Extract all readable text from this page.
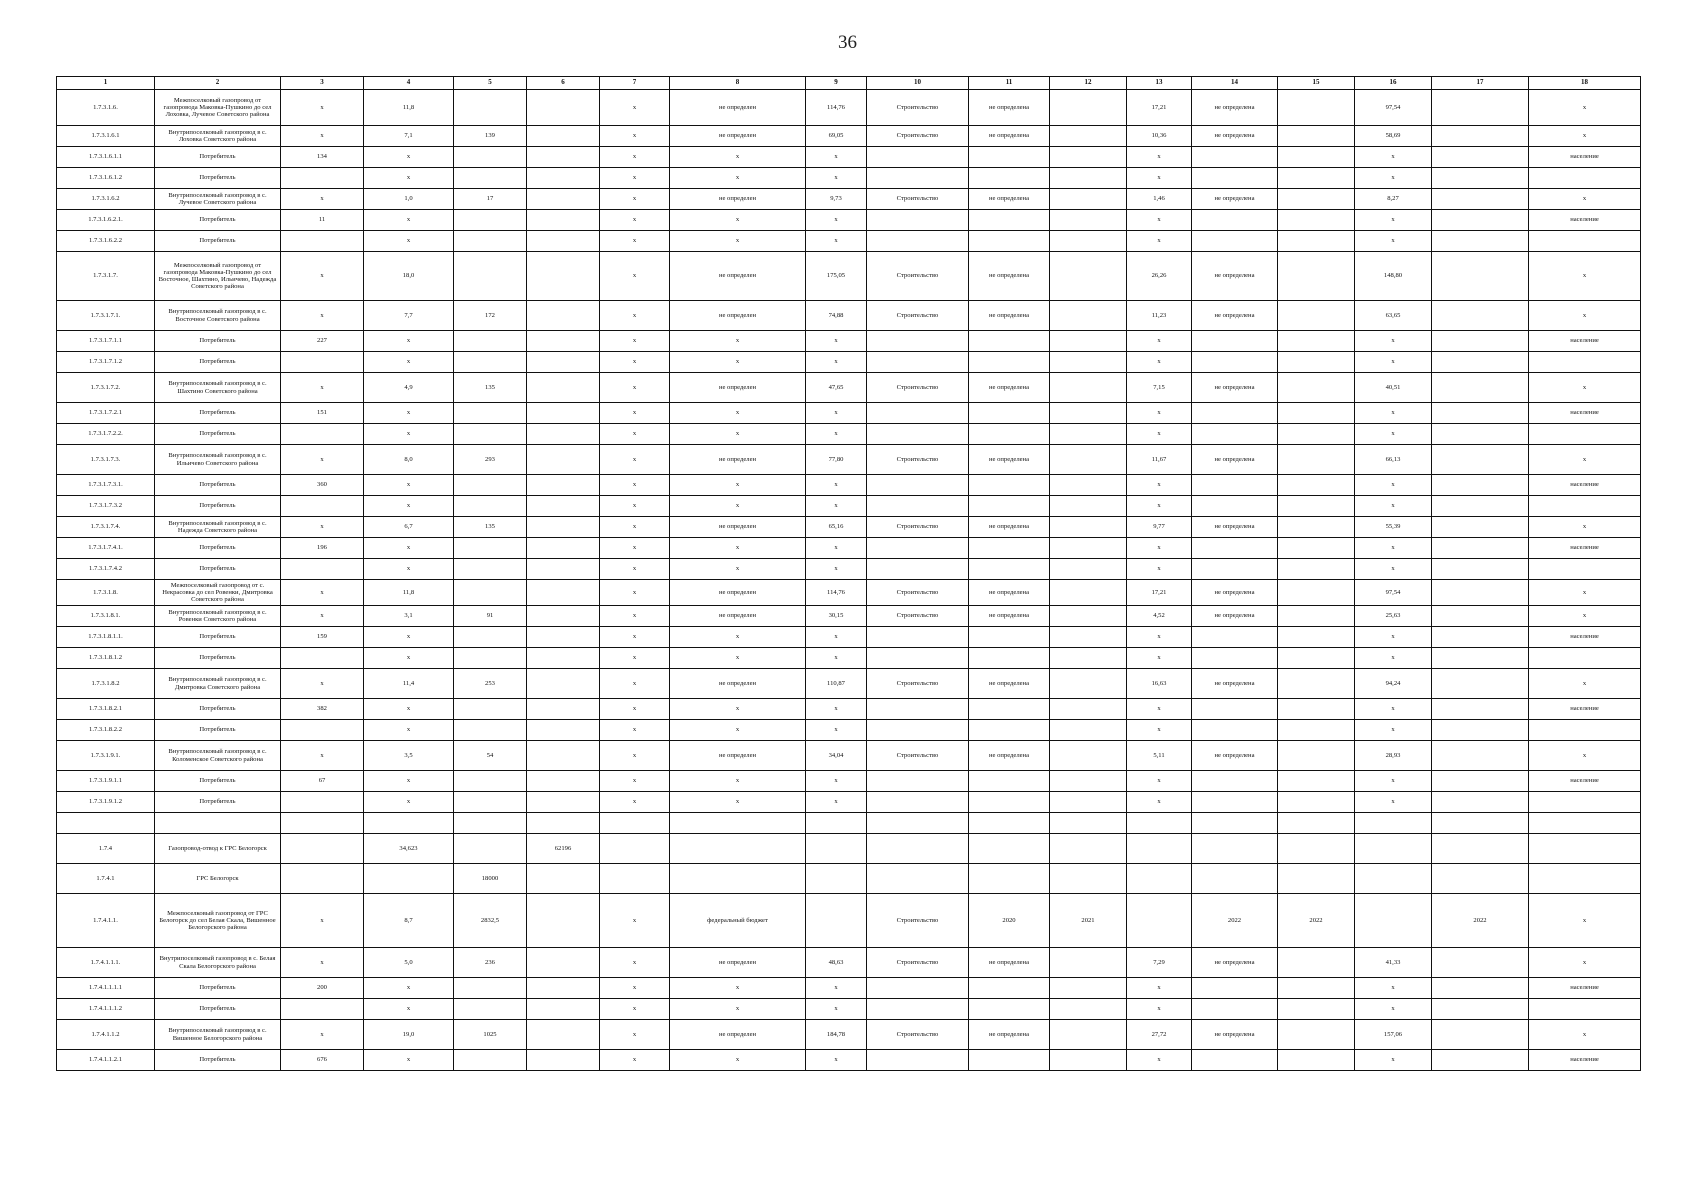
36
1	2	3	4	5	6	7	8	9	10	11	12	13	14	15	16	17	18
1.7.3.1.6.	Межпоселковый газопровод от газопровода Маковка-Пушкино до сел Лоховка, Лучевое Советского района	x	11,8			x	не определен	114,76	Строительство	не определена		17,21	не определена		97,54		x
1.7.3.1.6.1	Внутрипоселковый газопровод в с. Лоховка Советского района	x	7,1	139		x	не определен	69,05	Строительство	не определена		10,36	не определена		58,69		x
1.7.3.1.6.1.1	Потребитель	134	x			x	x	x				x			x		население
1.7.3.1.6.1.2	Потребитель		x			x	x	x				x			x		
1.7.3.1.6.2	Внутрипоселковый газопровод в с. Лучевое Советского района	x	1,0	17		x	не определен	9,73	Строительство	не определена		1,46	не определена		8,27		x
1.7.3.1.6.2.1.	Потребитель	11	x			x	x	x				x			x		население
1.7.3.1.6.2.2	Потребитель		x			x	x	x				x			x		
1.7.3.1.7.	Межпоселковый газопровод от газопровода Маковка-Пушкино до сел Восточное, Шахтино, Ильичево, Надежда Советского района	x	18,0			x	не определен	175,05	Строительство	не определена		26,26	не определена		148,80		x
1.7.3.1.7.1.	Внутрипоселковый газопровод в с. Восточное Советского района	x	7,7	172		x	не определен	74,88	Строительство	не определена		11,23	не определена		63,65		x
1.7.3.1.7.1.1	Потребитель	227	x			x	x	x				x			x		население
1.7.3.1.7.1.2	Потребитель		x			x	x	x				x			x		
1.7.3.1.7.2.	Внутрипоселковый газопровод в с. Шахтино Советского района	x	4,9	135		x	не определен	47,65	Строительство	не определена		7,15	не определена		40,51		x
1.7.3.1.7.2.1	Потребитель	151	x			x	x	x				x			x		население
1.7.3.1.7.2.2.	Потребитель		x			x	x	x				x			x		
1.7.3.1.7.3.	Внутрипоселковый газопровод в с. Ильичево Советского района	x	8,0	293		x	не определен	77,80	Строительство	не определена		11,67	не определена		66,13		x
1.7.3.1.7.3.1.	Потребитель	360	x			x	x	x				x			x		население
1.7.3.1.7.3.2	Потребитель		x			x	x	x				x			x		
1.7.3.1.7.4.	Внутрипоселковый газопровод в с. Надежда Советского района	x	6,7	135		x	не определен	65,16	Строительство	не определена		9,77	не определена		55,39		x
1.7.3.1.7.4.1.	Потребитель	196	x			x	x	x				x			x		население
1.7.3.1.7.4.2	Потребитель		x			x	x	x				x			x		
1.7.3.1.8.	Межпоселковый газопровод от с. Некрасовка до сел Ровенки, Дмитровка Советского района	x	11,8			x	не определен	114,76	Строительство	не определена		17,21	не определена		97,54		x
1.7.3.1.8.1.	Внутрипоселковый газопровод в с. Ровенки Советского района	x	3,1	91		x	не определен	30,15	Строительство	не определена		4,52	не определена		25,63		x
1.7.3.1.8.1.1.	Потребитель	159	x			x	x	x				x			x		население
1.7.3.1.8.1.2	Потребитель		x			x	x	x				x			x		
1.7.3.1.8.2	Внутрипоселковый газопровод в с. Дмитровка Советского района	x	11,4	253		x	не определен	110,87	Строительство	не определена		16,63	не определена		94,24		x
1.7.3.1.8.2.1	Потребитель	382	x			x	x	x				x			x		население
1.7.3.1.8.2.2	Потребитель		x			x	x	x				x			x		
1.7.3.1.9.1.	Внутрипоселковый газопровод в с. Коломенское Советского района	x	3,5	54		x	не определен	34,04	Строительство	не определена		5,11	не определена		28,93		x
1.7.3.1.9.1.1	Потребитель	67	x			x	x	x				x			x		население
1.7.3.1.9.1.2	Потребитель		x			x	x	x				x			x		

1.7.4	Газопровод-отвод к ГРС Белогорск		34,623		62196												
1.7.4.1	ГРС Белогорск			18000													
1.7.4.1.1.	Межпоселковый газопровод от ГРС Белогорск до сел Белая Скала, Вишенное Белогорского района	x	8,7	2832,5		x	федеральный бюджет		Строительство	2020	2021		2022	2022		2022	x
1.7.4.1.1.1.	Внутрипоселковый газопровод в с. Белая Скала Белогорского района	x	5,0	236		x	не определен	48,63	Строительство	не определена		7,29	не определена		41,33		x
1.7.4.1.1.1.1	Потребитель	200	x			x	x	x				x			x		население
1.7.4.1.1.1.2	Потребитель		x			x	x	x				x			x		
1.7.4.1.1.2	Внутрипоселковый газопровод в с. Вишенное Белогорского района	x	19,0	1025		x	не определен	184,78	Строительство	не определена		27,72	не определена		157,06		x
1.7.4.1.1.2.1	Потребитель	676	x			x	x	x				x			x		население
